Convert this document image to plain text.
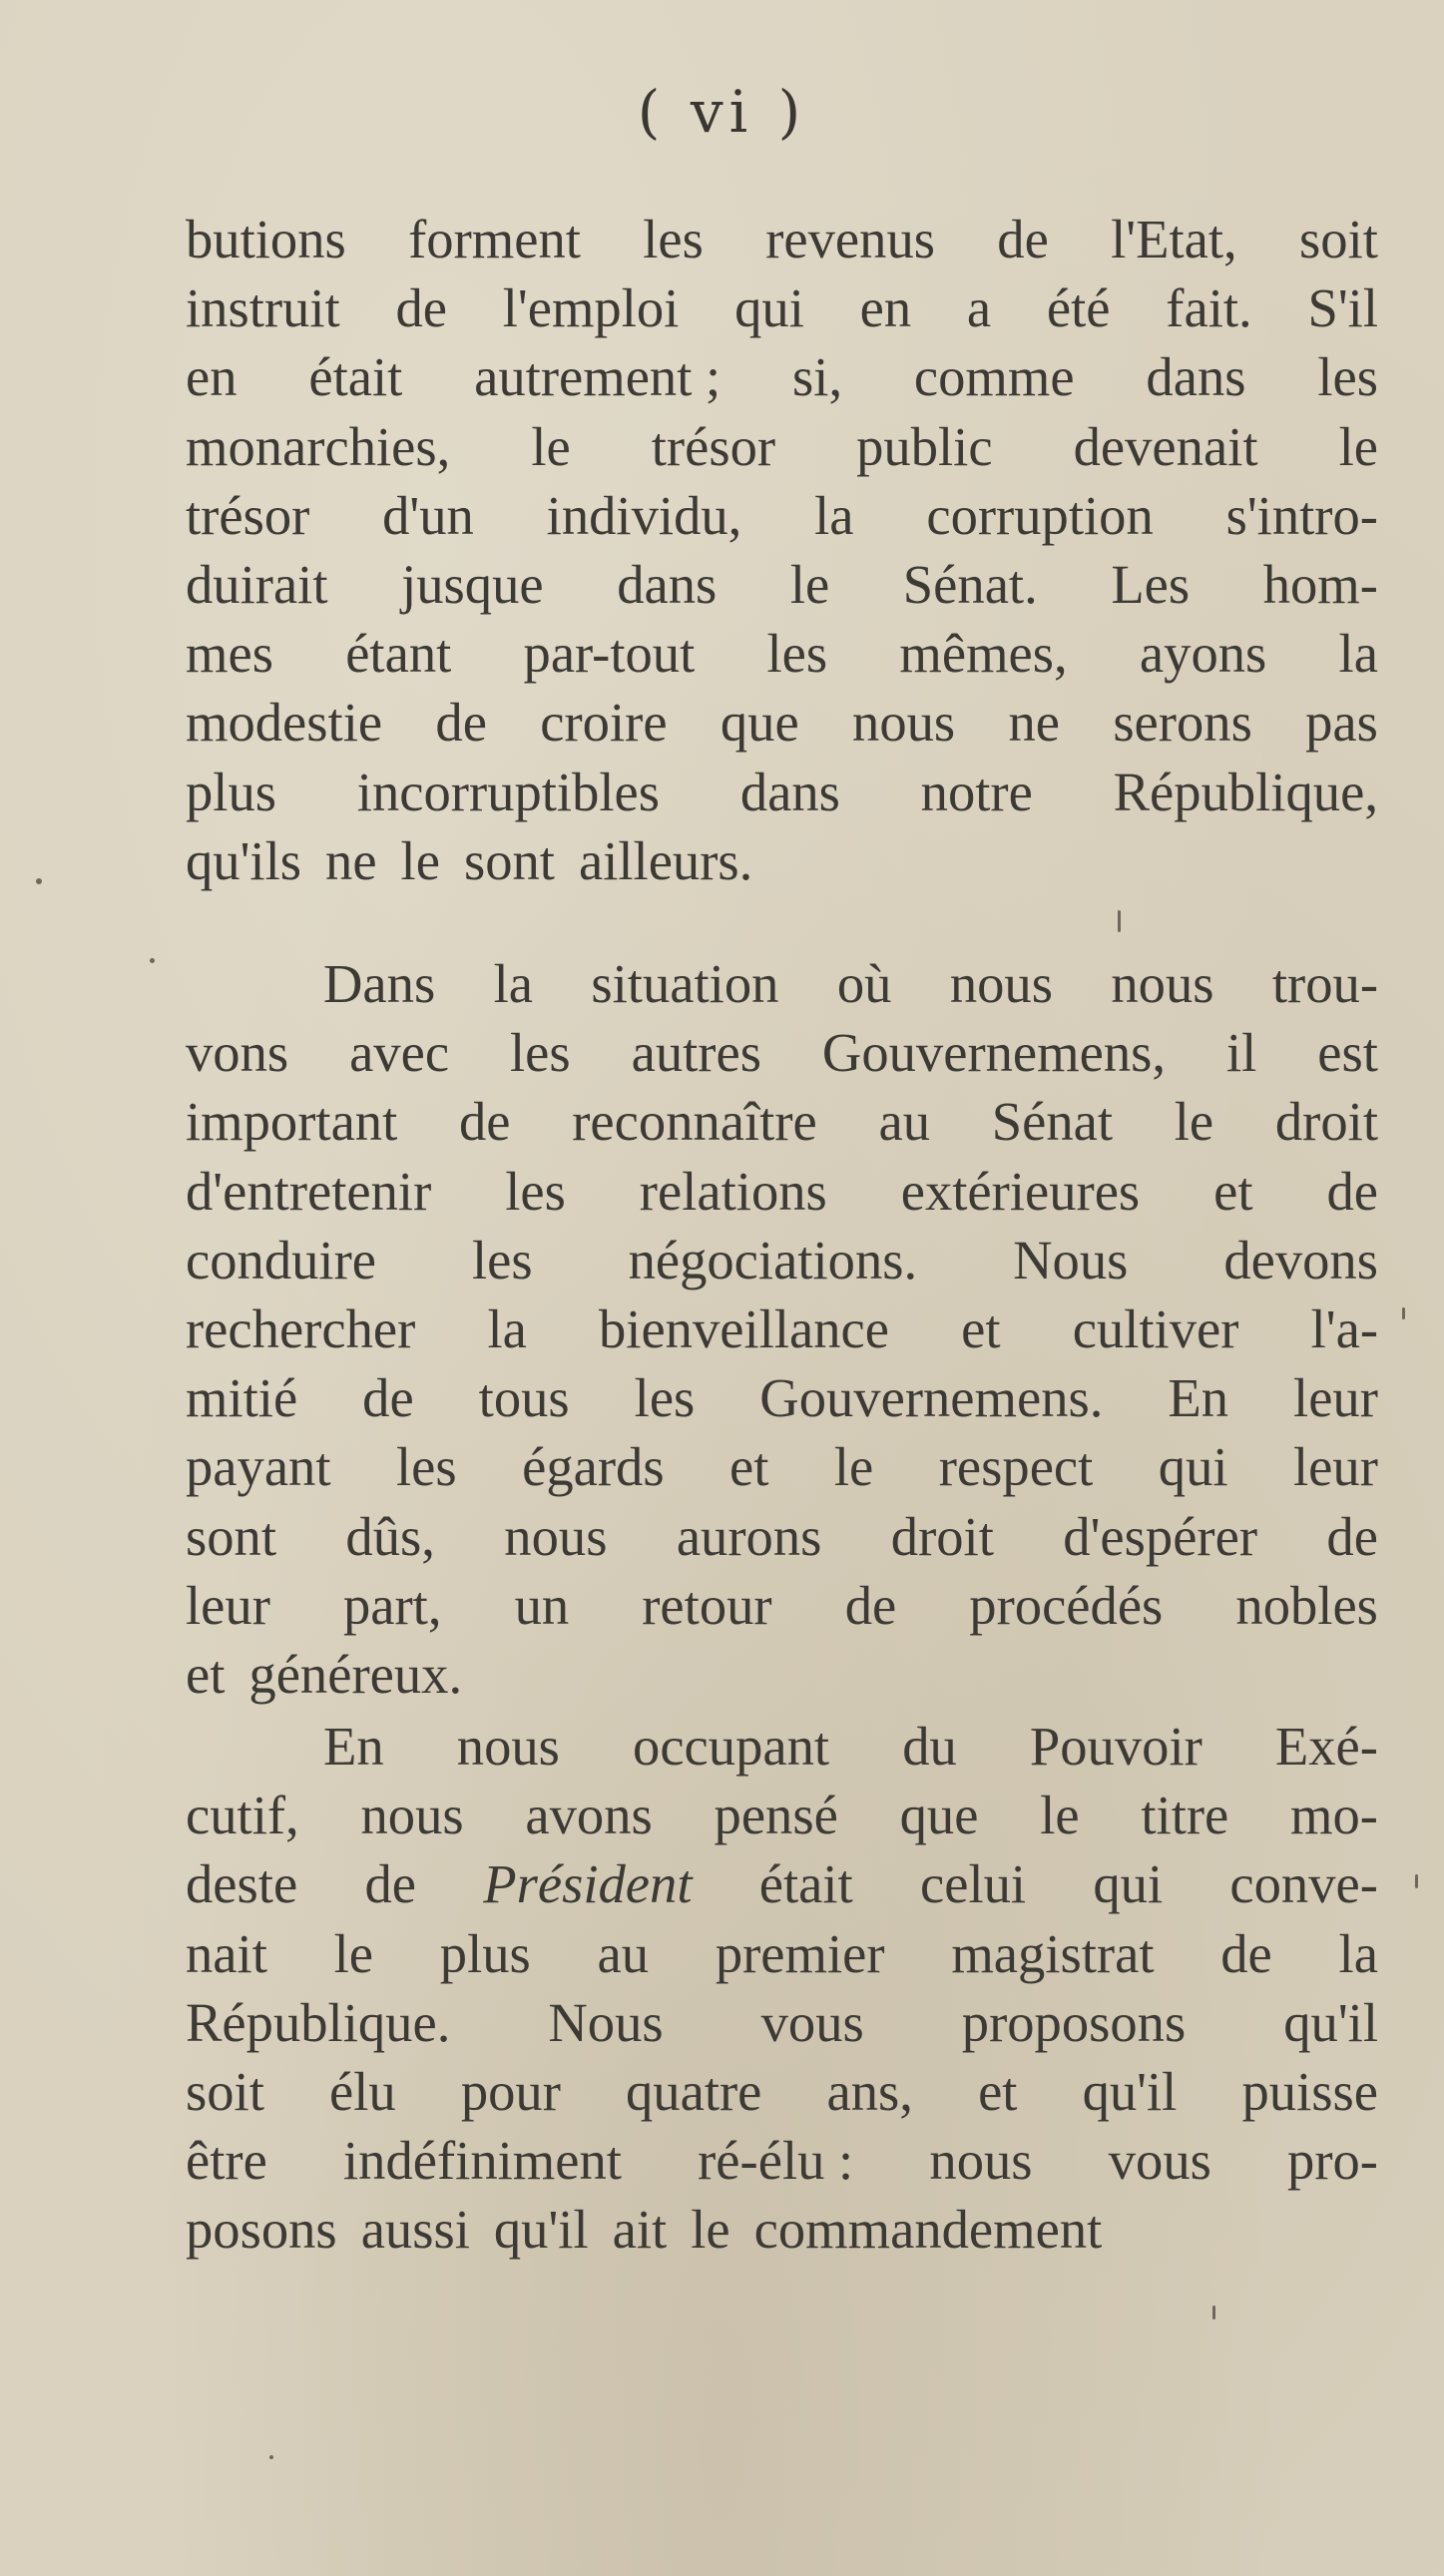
( vi )
butions forment les revenus de l'Etat, soit
instruit de l'emploi qui en a été fait. S'il
en était autrement ; si, comme dans les
monarchies, le trésor public devenait le
trésor d'un individu, la corruption s'intro-
duirait jusque dans le Sénat. Les hom-
mes étant par-tout les mêmes, ayons la
modestie de croire que nous ne serons pas
plus incorruptibles dans notre République,
qu'ils ne le sont ailleurs.
Dans la situation où nous nous trou-
vons avec les autres Gouvernemens, il est
important de reconnaître au Sénat le droit
d'entretenir les relations extérieures et de
conduire les négociations. Nous devons
rechercher la bienveillance et cultiver l'a-
mitié de tous les Gouvernemens. En leur
payant les égards et le respect qui leur
sont dûs, nous aurons droit d'espérer de
leur part, un retour de procédés nobles
et généreux.
En nous occupant du Pouvoir Exé-
cutif, nous avons pensé que le titre mo-
deste de Président était celui qui conve-
nait le plus au premier magistrat de la
République. Nous vous proposons qu'il
soit élu pour quatre ans, et qu'il puisse
être indéfiniment ré-élu : nous vous pro-
posons aussi qu'il ait le commandement
